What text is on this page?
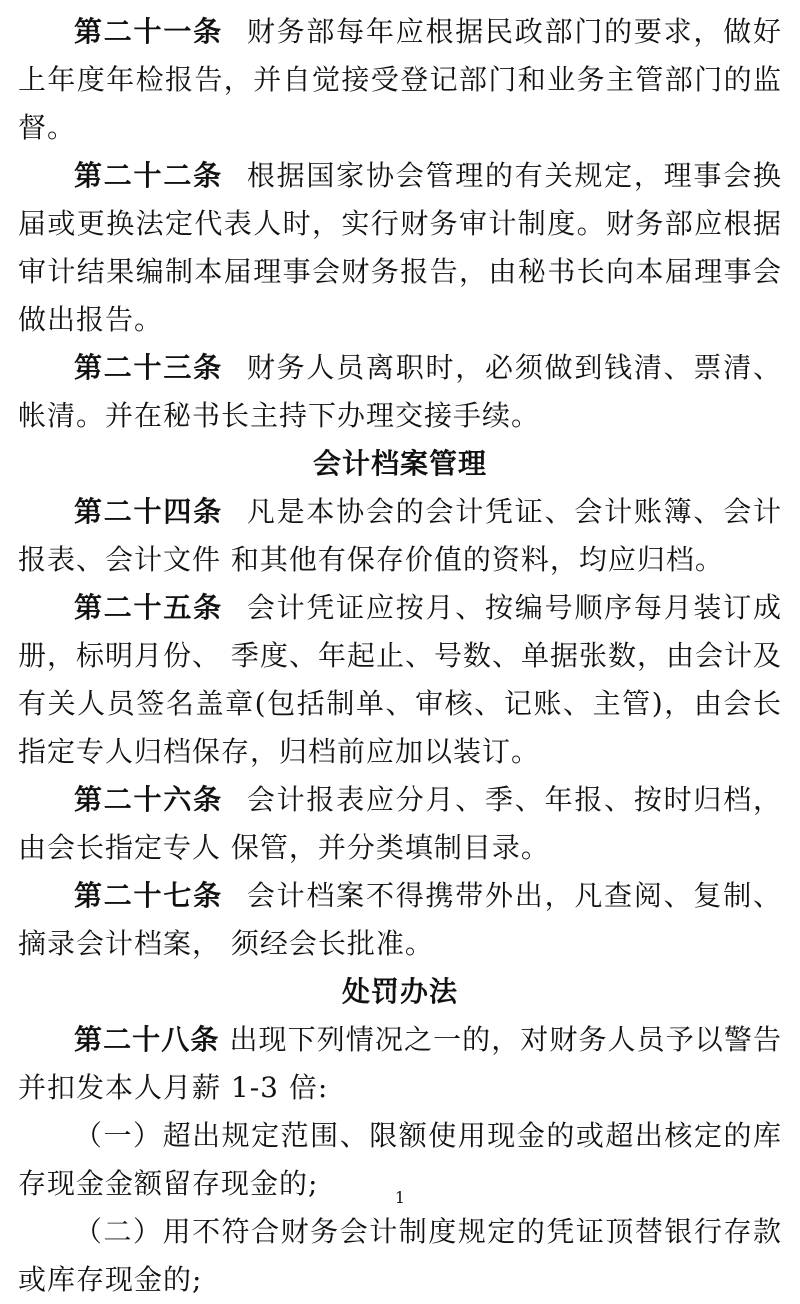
第二十一条 财务部每年应根据民政部门的要求，做好上年度年检报告，并自觉接受登记部门和业务主管部门的监督。

第二十二条 根据国家协会管理的有关规定，理事会换届或更换法定代表人时，实行财务审计制度。财务部应根据审计结果编制本届理事会财务报告，由秘书长向本届理事会做出报告。

第二十三条 财务人员离职时，必须做到钱清、票清、帐清。并在秘书长主持下办理交接手续。

会计档案管理

第二十四条 凡是本协会的会计凭证、会计账簿、会计报表、会计文件 和其他有保存价值的资料，均应归档。

第二十五条 会计凭证应按月、按编号顺序每月装订成册，标明月份、 季度、年起止、号数、单据张数，由会计及有关人员签名盖章(包括制单、审核、记账、主管)，由会长指定专人归档保存，归档前应加以装订。

第二十六条 会计报表应分月、季、年报、按时归档，由会长指定专人 保管，并分类填制目录。

第二十七条 会计档案不得携带外出，凡查阅、复制、摘录会计档案， 须经会长批准。

处罚办法

第二十八条 出现下列情况之一的，对财务人员予以警告并扣发本人月薪 1-3 倍:

（一）超出规定范围、限额使用现金的或超出核定的库存现金金额留存现金的;

（二）用不符合财务会计制度规定的凭证顶替银行存款或库存现金的;

1
